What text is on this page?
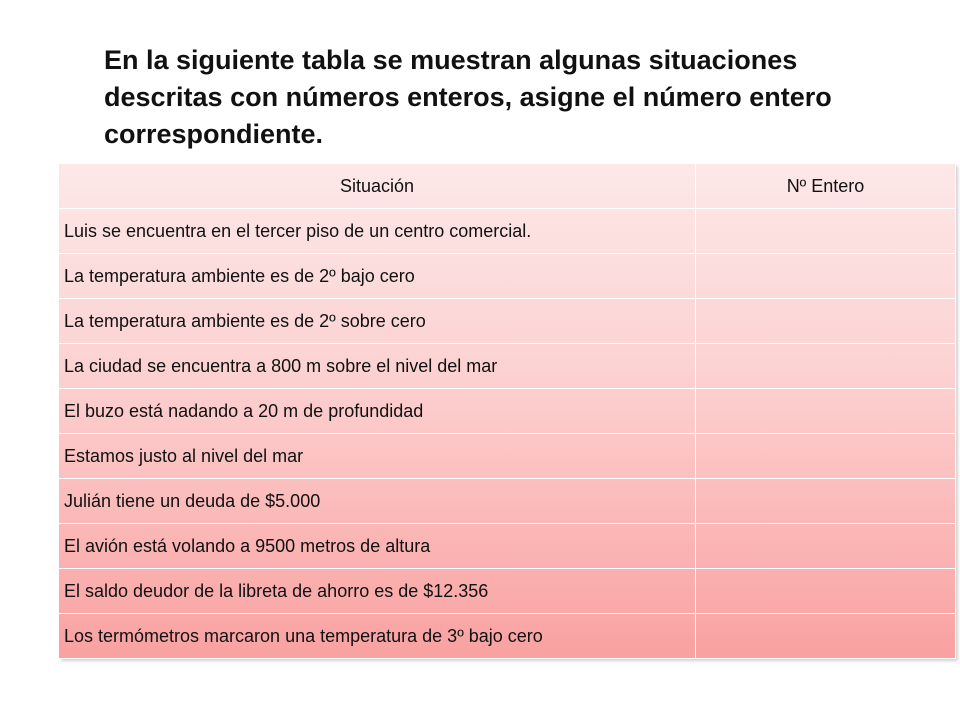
En la siguiente tabla se muestran algunas situaciones descritas con números enteros, asigne el número entero correspondiente.
Situación	Nº Entero
Luis se encuentra en el tercer piso de un centro comercial.	
La temperatura ambiente es de 2º bajo cero	
La temperatura ambiente es de 2º sobre cero	
La ciudad se encuentra a 800 m sobre el nivel del mar	
El buzo está nadando a 20 m de profundidad	
Estamos justo al nivel del mar	
Julián tiene un deuda de $5.000	
El avión está volando a 9500 metros de altura	
El saldo deudor de la libreta de ahorro es de $12.356	
Los termómetros marcaron una temperatura de 3º bajo cero	
